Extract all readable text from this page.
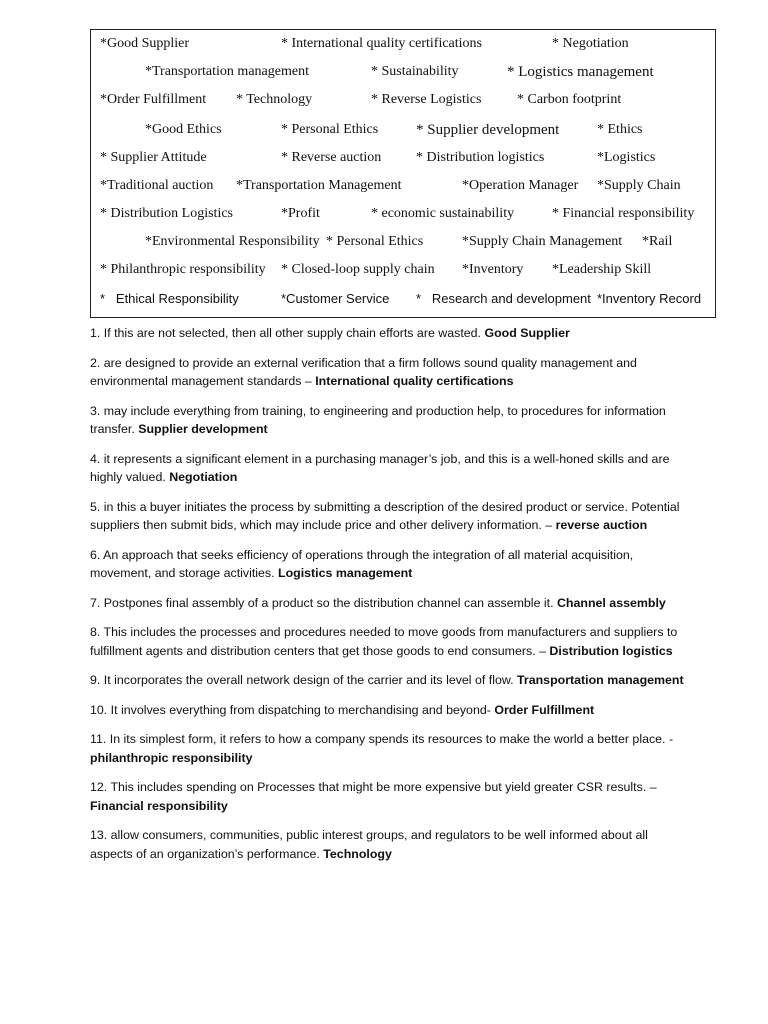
*Good Supplier	* International quality certifications	* Negotiation
*Transportation management	* Sustainability	* Logistics management
*Order Fulfillment * Technology	* Reverse Logistics	* Carbon footprint
*Good Ethics	* Personal Ethics	* Supplier development	* Ethics
* Supplier Attitude	* Reverse auction * Distribution logistics	*Logistics
*Traditional auction *Transportation Management	*Operation Manager *Supply Chain
* Distribution Logistics	*Profit	* economic sustainability	* Financial responsibility
*Environmental Responsibility * Personal Ethics	*Supply Chain Management *Rail
* Philanthropic responsibility * Closed-loop supply chain *Inventory *Leadership Skill
*   Ethical Responsibility	*Customer Service *   Research and development *Inventory Record

1. If this are not selected, then all other supply chain efforts are wasted. Good Supplier

2. are designed to provide an external verification that a firm follows sound quality management and environmental management standards – International quality certifications

3. may include everything from training, to engineering and production help, to procedures for information transfer. Supplier development

4. it represents a significant element in a purchasing manager’s job, and this is a well-honed skills and are highly valued. Negotiation

5. in this a buyer initiates the process by submitting a description of the desired product or service. Potential suppliers then submit bids, which may include price and other delivery information. – reverse auction

6. An approach that seeks efficiency of operations through the integration of all material acquisition, movement, and storage activities. Logistics management

7. Postpones final assembly of a product so the distribution channel can assemble it. Channel assembly

8. This includes the processes and procedures needed to move goods from manufacturers and suppliers to fulfillment agents and distribution centers that get those goods to end consumers. – Distribution logistics

9. It incorporates the overall network design of the carrier and its level of flow. Transportation management

10. It involves everything from dispatching to merchandising and beyond- Order Fulfillment

11. In its simplest form, it refers to how a company spends its resources to make the world a better place. - philanthropic responsibility

12. This includes spending on Processes that might be more expensive but yield greater CSR results. – Financial responsibility

13. allow consumers, communities, public interest groups, and regulators to be well informed about all aspects of an organization’s performance. Technology
